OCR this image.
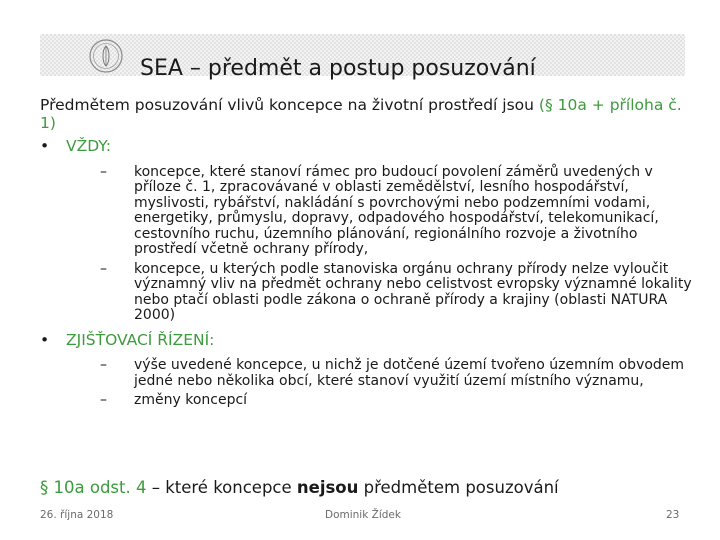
SEA – předmět a postup posuzování

Předmětem posuzování vlivů koncepce na životní prostředí jsou (§ 10a + příloha č. 1)

• VŽDY:
– koncepce, které stanoví rámec pro budoucí povolení záměrů uvedených v příloze č. 1, zpracovávané v oblasti zemědělství, lesního hospodářství, myslivosti, rybářství, nakládání s povrchovými nebo podzemními vodami, energetiky, průmyslu, dopravy, odpadového hospodářství, telekomunikací, cestovního ruchu, územního plánování, regionálního rozvoje a životního prostředí včetně ochrany přírody,
– koncepce, u kterých podle stanoviska orgánu ochrany přírody nelze vyloučit významný vliv na předmět ochrany nebo celistvost evropsky významné lokality nebo ptačí oblasti podle zákona o ochraně přírody a krajiny (oblasti NATURA 2000)
• ZJIŠŤOVACÍ ŘÍZENÍ:
– výše uvedené koncepce, u nichž je dotčené území tvořeno územním obvodem jedné nebo několika obcí, které stanoví využití území místního významu,
– změny koncepcí
§ 10a odst. 4 – které koncepce nejsou předmětem posuzování
26. října 2018	Dominik Žídek	23
